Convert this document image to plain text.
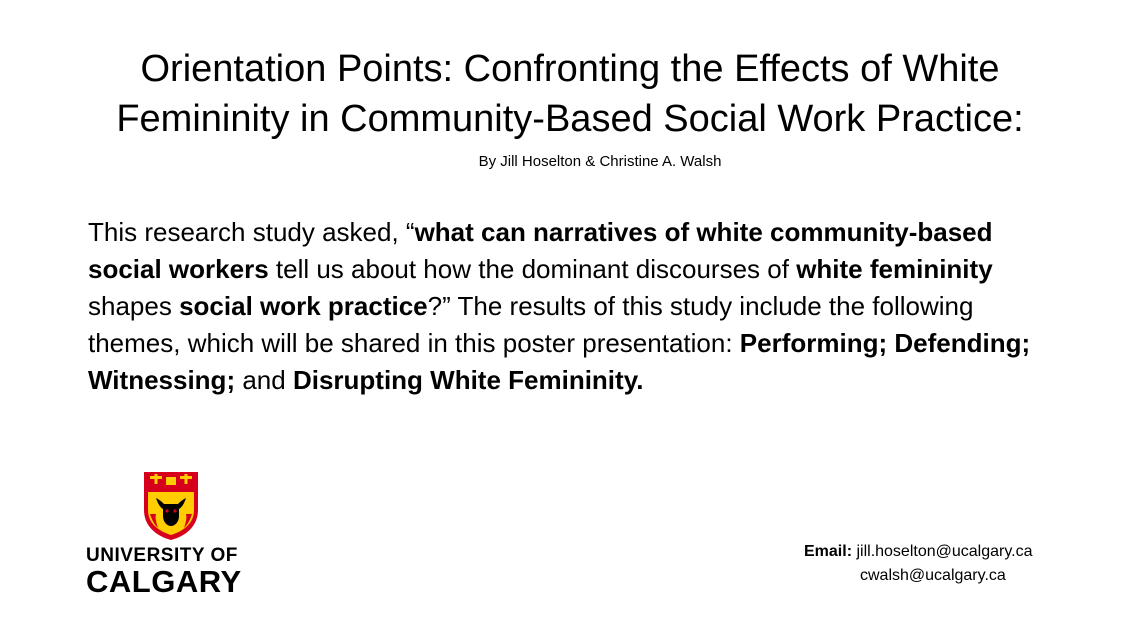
Orientation Points: Confronting the Effects of White
Femininity in Community-Based Social Work Practice:
By Jill Hoselton & Christine A. Walsh

This research study asked, “what can narratives of white community-based social workers tell us about how the dominant discourses of white femininity shapes social work practice?” The results of this study include the following themes, which will be shared in this poster presentation: Performing; Defending; Witnessing; and Disrupting White Femininity.

UNIVERSITY OF
CALGARY
Email: jill.hoselton@ucalgary.ca
cwalsh@ucalgary.ca
